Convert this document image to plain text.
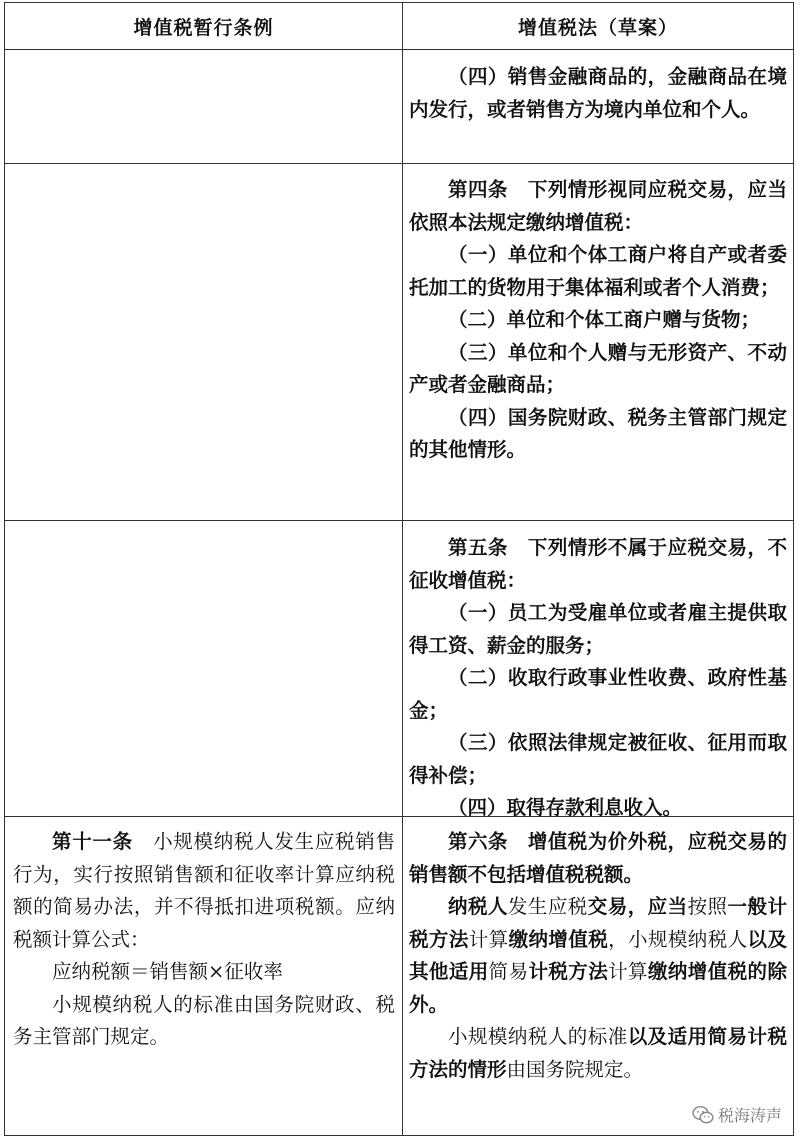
增值税暂行条例	增值税法（草案）

（四）销售金融商品的，金融商品在境内发行，或者销售方为境内单位和个人。

第四条　下列情形视同应税交易，应当依照本法规定缴纳增值税：

（一）单位和个体工商户将自产或者委托加工的货物用于集体福利或者个人消费；

（二）单位和个体工商户赠与货物；

（三）单位和个人赠与无形资产、不动产或者金融商品；

（四）国务院财政、税务主管部门规定的其他情形。

第五条　下列情形不属于应税交易，不征收增值税：

（一）员工为受雇单位或者雇主提供取得工资、薪金的服务；

（二）收取行政事业性收费、政府性基金；

（三）依照法律规定被征收、征用而取得补偿；

（四）取得存款利息收入。

第十一条　小规模纳税人发生应税销售行为，实行按照销售额和征收率计算应纳税额的简易办法，并不得抵扣进项税额。应纳税额计算公式：

应纳税额＝销售额×征收率

小规模纳税人的标准由国务院财政、税务主管部门规定。

第六条　增值税为价外税，应税交易的销售额不包括增值税税额。

纳税人发生应税交易，应当按照一般计税方法计算缴纳增值税，小规模纳税人以及其他适用简易计税方法计算缴纳增值税的除外。

小规模纳税人的标准以及适用简易计税方法的情形由国务院规定。

税海涛声
